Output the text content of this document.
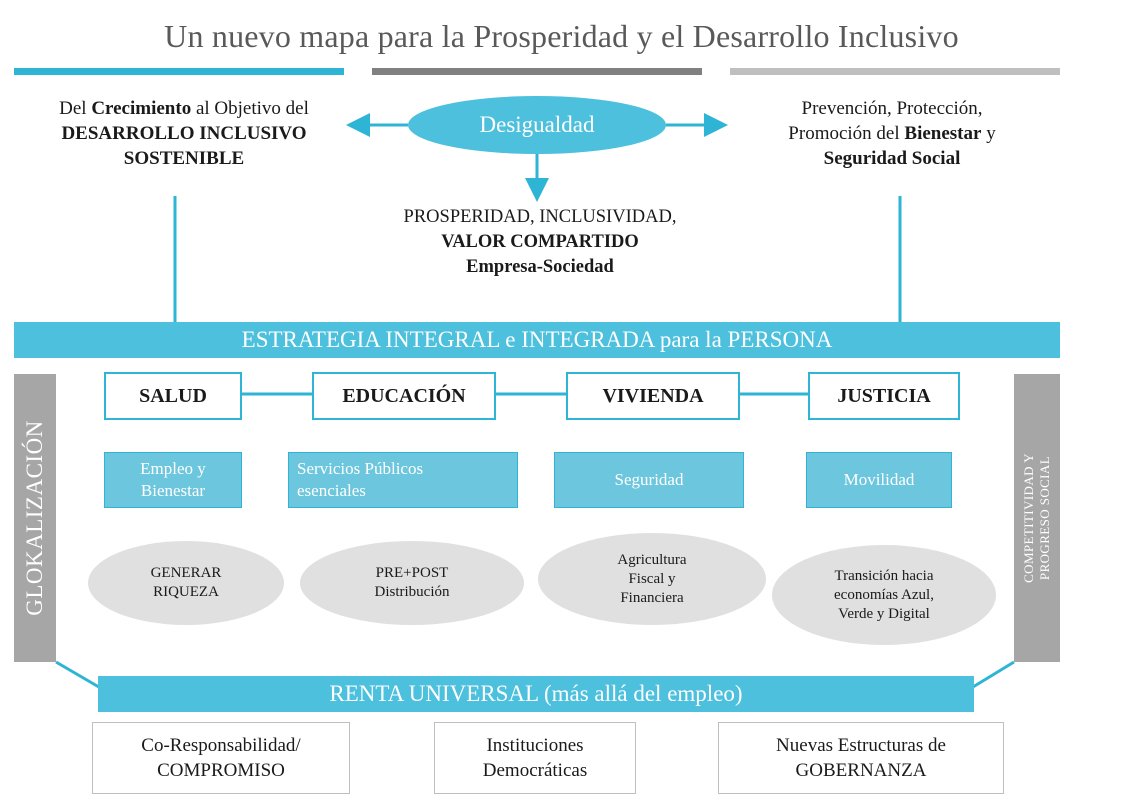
Un nuevo mapa para la Prosperidad y el Desarrollo Inclusivo
Del Crecimiento al Objetivo del
DESARROLLO INCLUSIVO SOSTENIBLE
Prevención, Protección,
Promoción del Bienestar y
Seguridad Social
Desigualdad
PROSPERIDAD, INCLUSIVIDAD,
VALOR COMPARTIDO
Empresa-Sociedad
ESTRATEGIA INTEGRAL e INTEGRADA para la PERSONA
GLOKALIZACIÓN	COMPETITIVIDAD Y
PROGRESO SOCIAL
SALUD	EDUCACIÓN	VIVIENDA	JUSTICIA
Empleo y
Bienestar
Servicios Públicos
esenciales
Seguridad	Movilidad
GENERAR
RIQUEZA
PRE+POST
Distribución
Agricultura
Fiscal y
Financiera
Transición hacia
economías Azul,
Verde y Digital
RENTA UNIVERSAL (más allá del empleo)
Co-Responsabilidad/
COMPROMISO
Instituciones
Democráticas
Nuevas Estructuras de
GOBERNANZA
